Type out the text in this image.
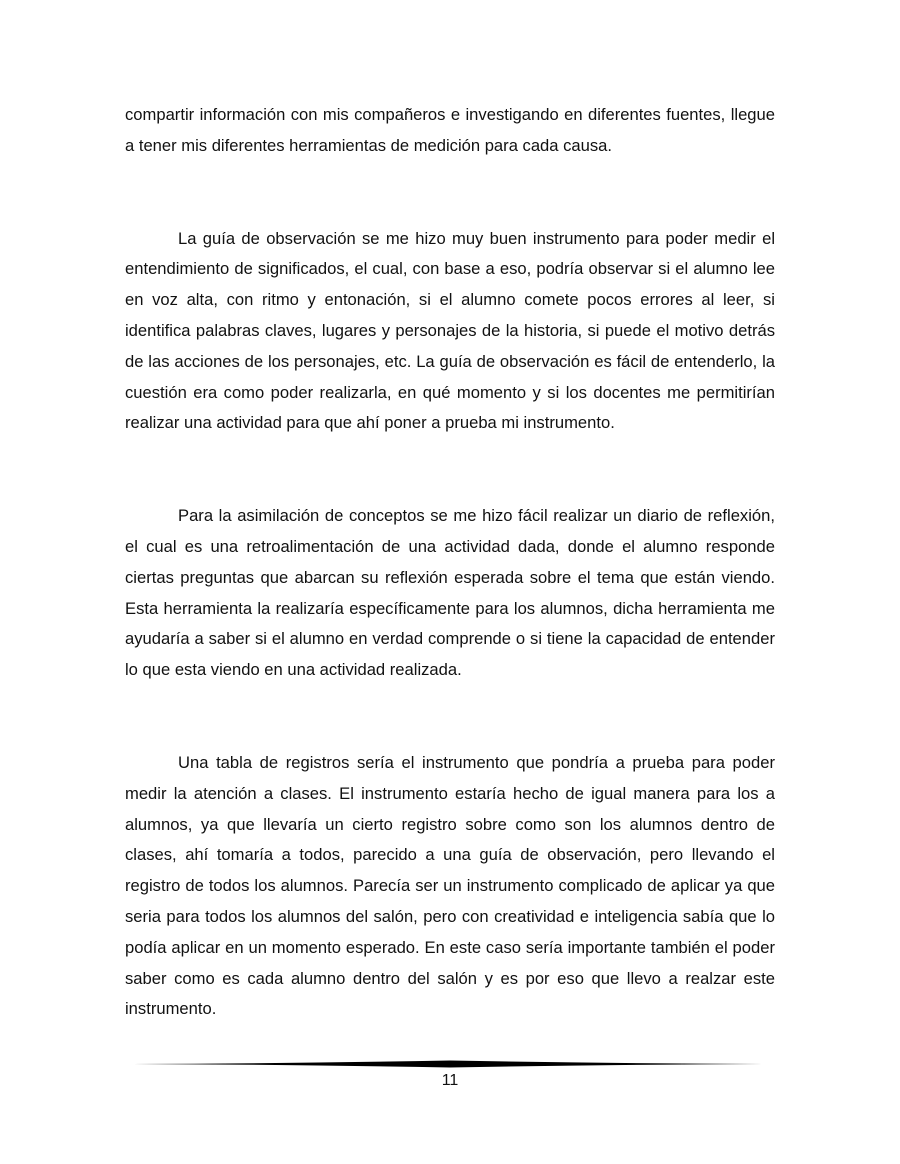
compartir información con mis compañeros e investigando en diferentes fuentes, llegue a tener mis diferentes herramientas de medición para cada causa.

La guía de observación se me hizo muy buen instrumento para poder medir el entendimiento de significados, el cual, con base a eso, podría observar si el alumno lee en voz alta, con ritmo y entonación, si el alumno comete pocos errores al leer, si identifica palabras claves, lugares y personajes de la historia, si puede el motivo detrás de las acciones de los personajes, etc. La guía de observación es fácil de entenderlo, la cuestión era como poder realizarla, en qué momento y si los docentes me permitirían realizar una actividad para que ahí poner a prueba mi instrumento.

Para la asimilación de conceptos se me hizo fácil realizar un diario de reflexión, el cual es una retroalimentación de una actividad dada, donde el alumno responde ciertas preguntas que abarcan su reflexión esperada sobre el tema que están viendo. Esta herramienta la realizaría específicamente para los alumnos, dicha herramienta me ayudaría a saber si el alumno en verdad comprende o si tiene la capacidad de entender lo que esta viendo en una actividad realizada.

Una tabla de registros sería el instrumento que pondría a prueba para poder medir la atención a clases. El instrumento estaría hecho de igual manera para los a alumnos, ya que llevaría un cierto registro sobre como son los alumnos dentro de clases, ahí tomaría a todos, parecido a una guía de observación, pero llevando el registro de todos los alumnos. Parecía ser un instrumento complicado de aplicar ya que seria para todos los alumnos del salón, pero con creatividad e inteligencia sabía que lo podía aplicar en un momento esperado. En este caso sería importante también el poder saber como es cada alumno dentro del salón y es por eso que llevo a realzar este instrumento.

11
